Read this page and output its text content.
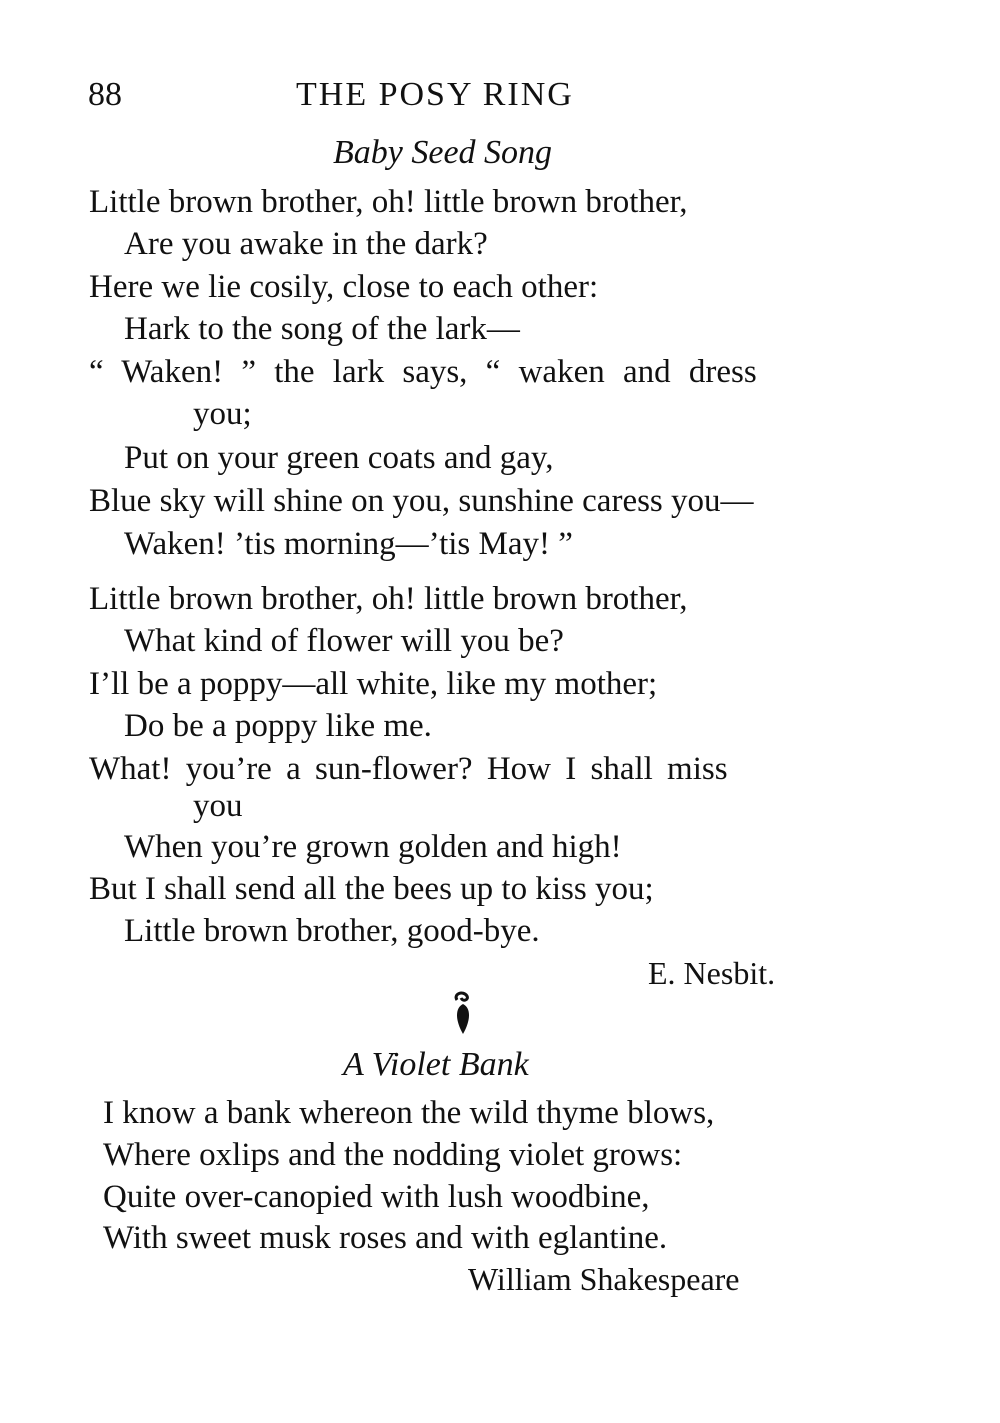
88	THE POSY RING
Baby Seed Song
Little brown brother, oh! little brown brother,
Are you awake in the dark?
Here we lie cosily, close to each other:
Hark to the song of the lark—
“ Waken! ” the lark says, “ waken and dress
you;
Put on your green coats and gay,
Blue sky will shine on you, sunshine caress you—
Waken! ’tis morning—’tis May! ”
Little brown brother, oh! little brown brother,
What kind of flower will you be?
I’ll be a poppy—all white, like my mother;
Do be a poppy like me.
What! you’re a sun-flower? How I shall miss
you
When you’re grown golden and high!
But I shall send all the bees up to kiss you;
Little brown brother, good-bye.
E. Nesbit.
A Violet Bank
I know a bank whereon the wild thyme blows,
Where oxlips and the nodding violet grows:
Quite over-canopied with lush woodbine,
With sweet musk roses and with eglantine.
William Shakespeare
